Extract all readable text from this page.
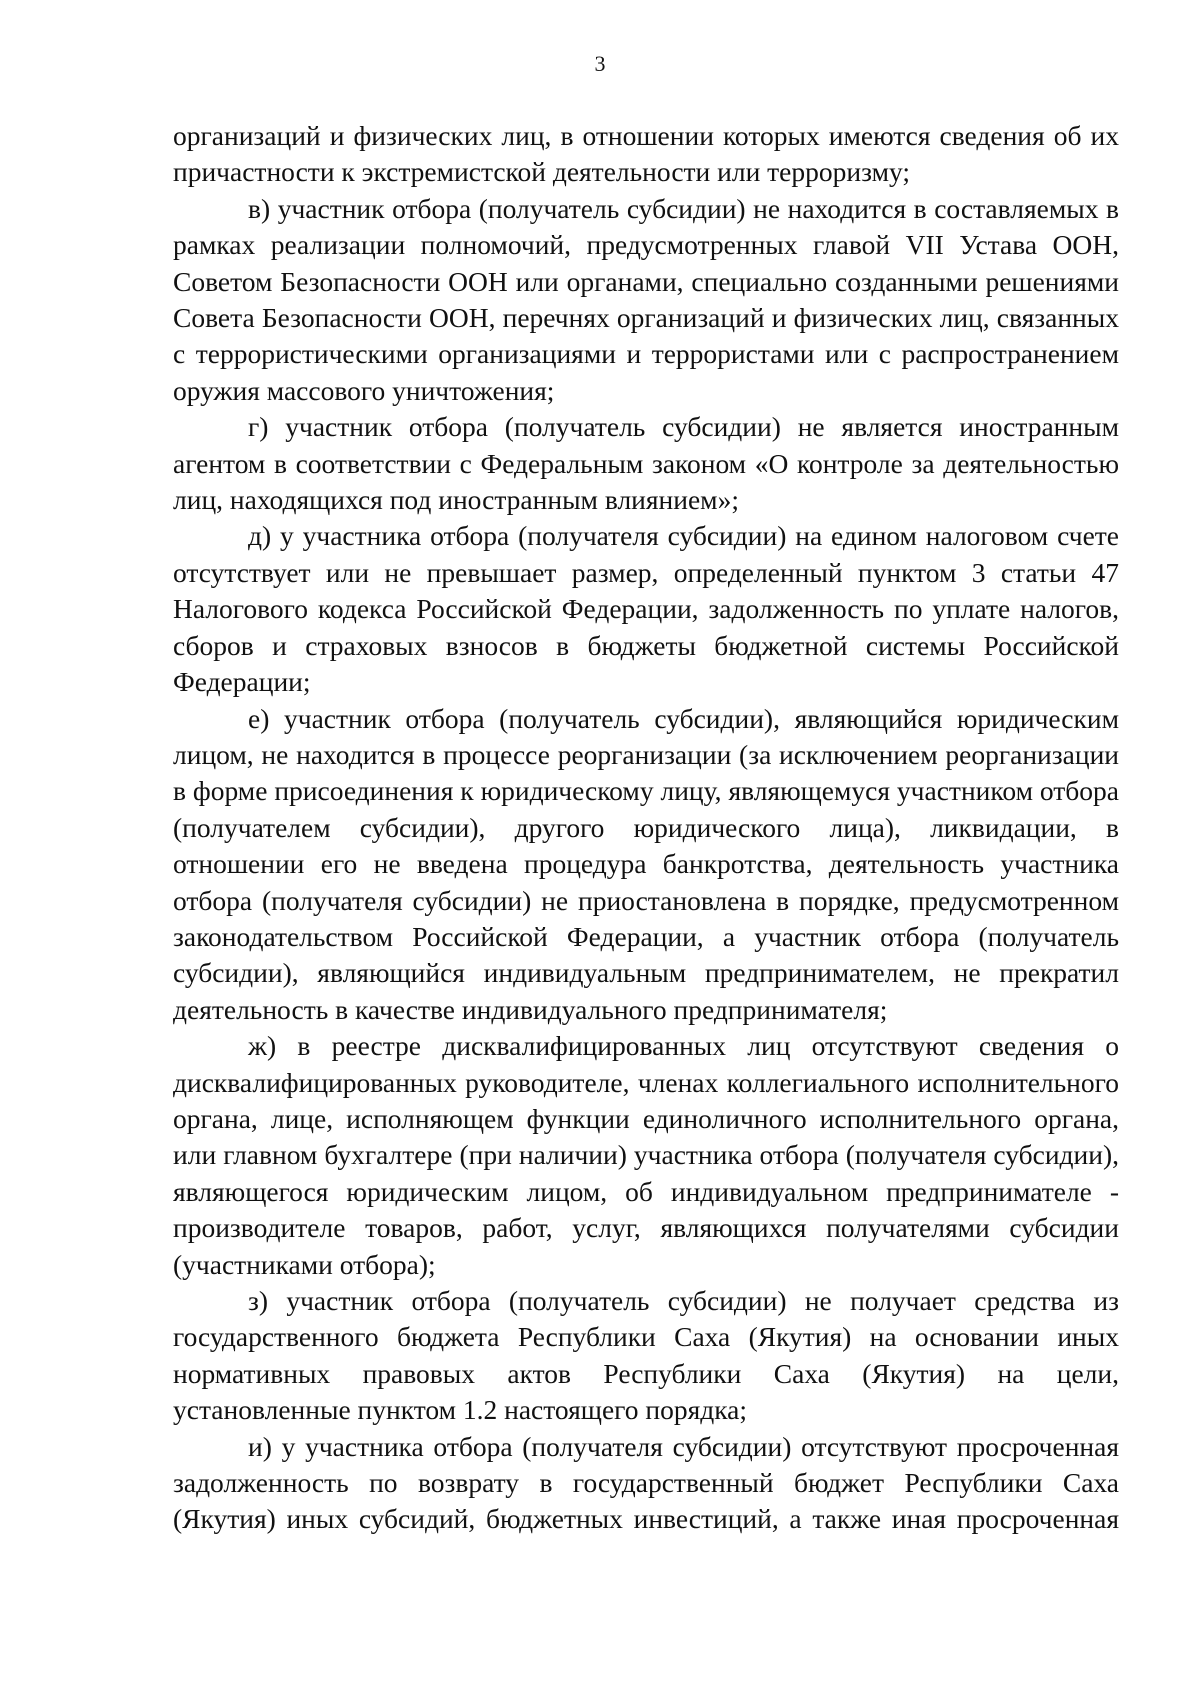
3

организаций и физических лиц, в отношении которых имеются сведения об их причастности к экстремистской деятельности или терроризму;

в) участник отбора (получатель субсидии) не находится в составляемых в рамках реализации полномочий, предусмотренных главой VII Устава ООН, Советом Безопасности ООН или органами, специально созданными решениями Совета Безопасности ООН, перечнях организаций и физических лиц, связанных с террористическими организациями и террористами или с распространением оружия массового уничтожения;

г) участник отбора (получатель субсидии) не является иностранным агентом в соответствии с Федеральным законом «О контроле за деятельностью лиц, находящихся под иностранным влиянием»;

д) у участника отбора (получателя субсидии) на едином налоговом счете отсутствует или не превышает размер, определенный пунктом 3 статьи 47 Налогового кодекса Российской Федерации, задолженность по уплате налогов, сборов и страховых взносов в бюджеты бюджетной системы Российской Федерации;

е) участник отбора (получатель субсидии), являющийся юридическим лицом, не находится в процессе реорганизации (за исключением реорганизации в форме присоединения к юридическому лицу, являющемуся участником отбора (получателем субсидии), другого юридического лица), ликвидации, в отношении его не введена процедура банкротства, деятельность участника отбора (получателя субсидии) не приостановлена в порядке, предусмотренном законодательством Российской Федерации, а участник отбора (получатель субсидии), являющийся индивидуальным предпринимателем, не прекратил деятельность в качестве индивидуального предпринимателя;

ж) в реестре дисквалифицированных лиц отсутствуют сведения о дисквалифицированных руководителе, членах коллегиального исполнительного органа, лице, исполняющем функции единоличного исполнительного органа, или главном бухгалтере (при наличии) участника отбора (получателя субсидии), являющегося юридическим лицом, об индивидуальном предпринимателе - производителе товаров, работ, услуг, являющихся получателями субсидии (участниками отбора);

з) участник отбора (получатель субсидии) не получает средства из государственного бюджета Республики Саха (Якутия) на основании иных нормативных правовых актов Республики Саха (Якутия) на цели, установленные пунктом 1.2 настоящего порядка;

и) у участника отбора (получателя субсидии) отсутствуют просроченная задолженность по возврату в государственный бюджет Республики Саха (Якутия) иных субсидий, бюджетных инвестиций, а также иная просроченная
